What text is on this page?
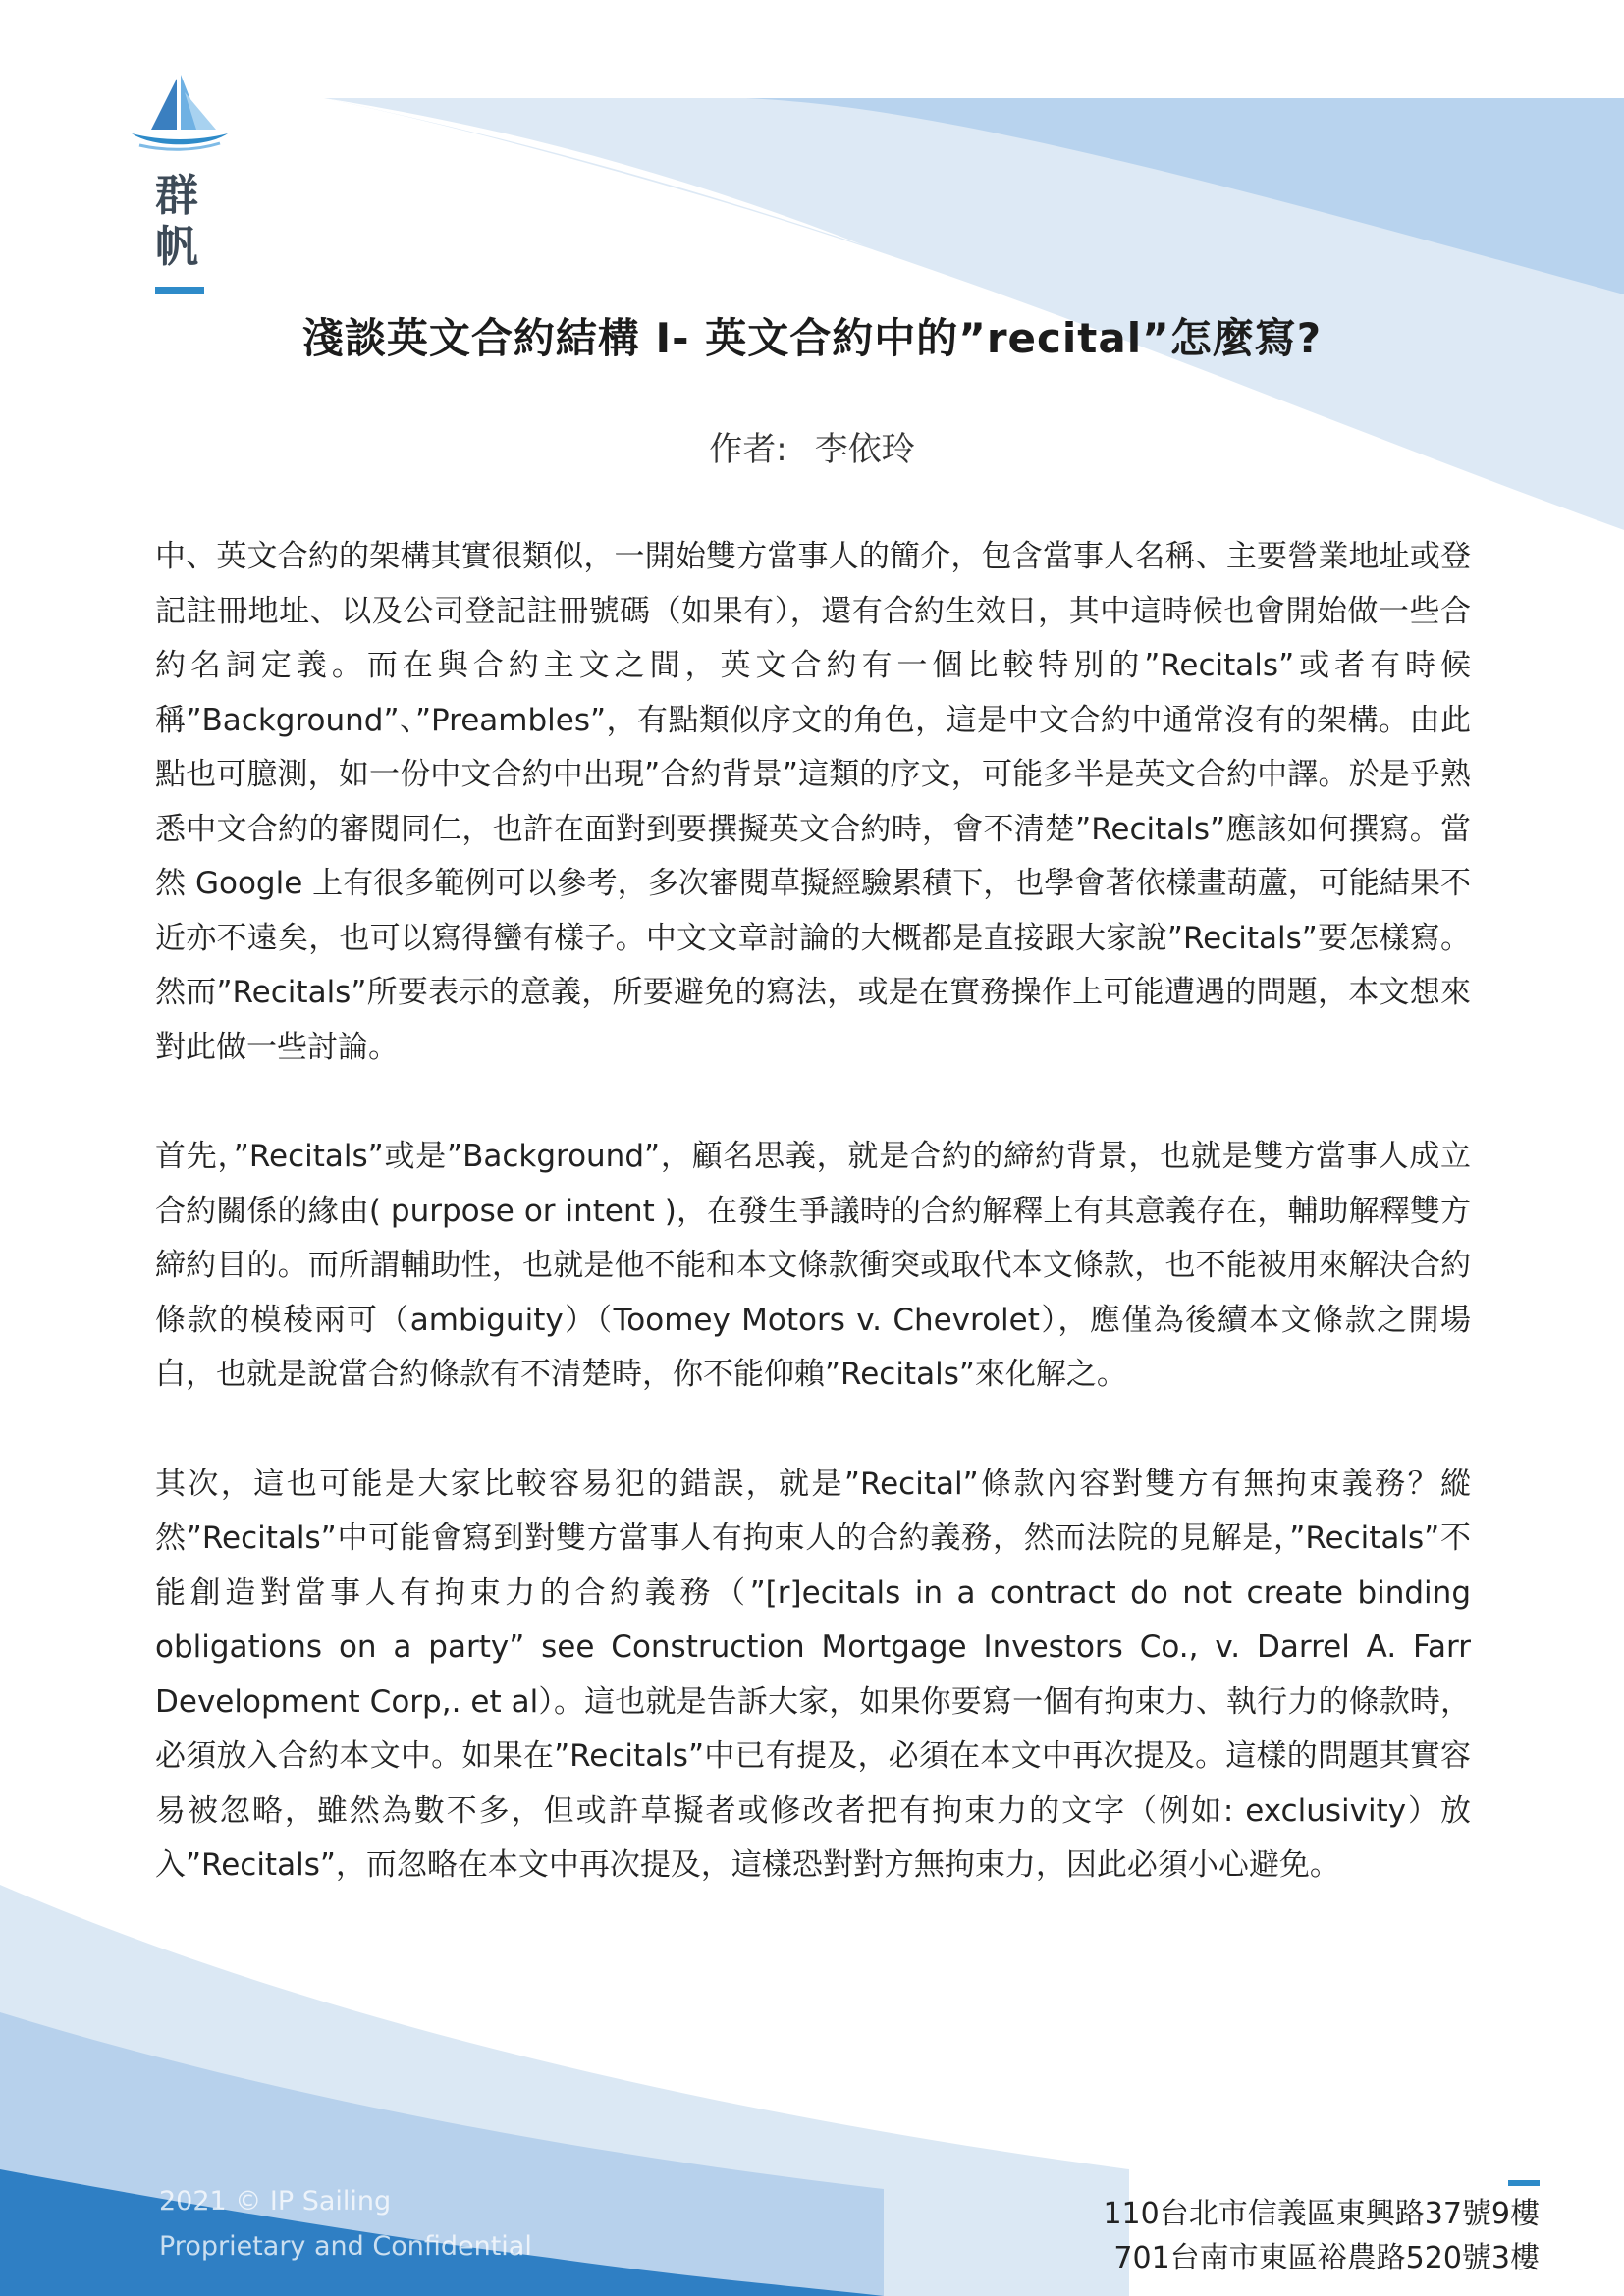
群
帆
淺談英文合約結構 I- 英文合約中的”recital”怎麼寫?
作者: 李依玲

中、英文合約的架構其實很類似，一開始雙方當事人的簡介，包含當事人名稱、主要營業地址或登記註冊地址、以及公司登記註冊號碼（如果有），還有合約生效日，其中這時候也會開始做一些合約名詞定義。而在與合約主文之間，英文合約有一個比較特別的”Recitals”或者有時候稱”Background”、”Preambles”，有點類似序文的角色，這是中文合約中通常沒有的架構。由此點也可臆測，如一份中文合約中出現”合約背景”這類的序文，可能多半是英文合約中譯。於是乎熟悉中文合約的審閱同仁，也許在面對到要撰擬英文合約時，會不清楚”Recitals”應該如何撰寫。當然 Google 上有很多範例可以參考，多次審閱草擬經驗累積下，也學會著依樣畫葫蘆，可能結果不近亦不遠矣，也可以寫得蠻有樣子。中文文章討論的大概都是直接跟大家說”Recitals”要怎樣寫。然而”Recitals”所要表示的意義，所要避免的寫法，或是在實務操作上可能遭遇的問題，本文想來對此做一些討論。

首先，”Recitals”或是”Background”，顧名思義，就是合約的締約背景，也就是雙方當事人成立合約關係的緣由( purpose or intent )，在發生爭議時的合約解釋上有其意義存在，輔助解釋雙方締約目的。而所謂輔助性，也就是他不能和本文條款衝突或取代本文條款，也不能被用來解決合約條款的模稜兩可（ambiguity）（Toomey Motors v. Chevrolet），應僅為後續本文條款之開場白，也就是說當合約條款有不清楚時，你不能仰賴”Recitals”來化解之。

其次，這也可能是大家比較容易犯的錯誤，就是”Recital”條款內容對雙方有無拘束義務？縱然”Recitals”中可能會寫到對雙方當事人有拘束人的合約義務，然而法院的見解是，”Recitals”不能創造對當事人有拘束力的合約義務（”[r]ecitals in a contract do not create binding obligations on a party” see Construction Mortgage Investors Co., v. Darrel A. Farr Development Corp,. et al）。這也就是告訴大家，如果你要寫一個有拘束力、執行力的條款時，必須放入合約本文中。如果在”Recitals”中已有提及，必須在本文中再次提及。這樣的問題其實容易被忽略，雖然為數不多，但或許草擬者或修改者把有拘束力的文字（例如: exclusivity）放入”Recitals”，而忽略在本文中再次提及，這樣恐對對方無拘束力，因此必須小心避免。

2021 © IP Sailing
Proprietary and Confidential
110台北市信義區東興路37號9樓
701台南市東區裕農路520號3樓
